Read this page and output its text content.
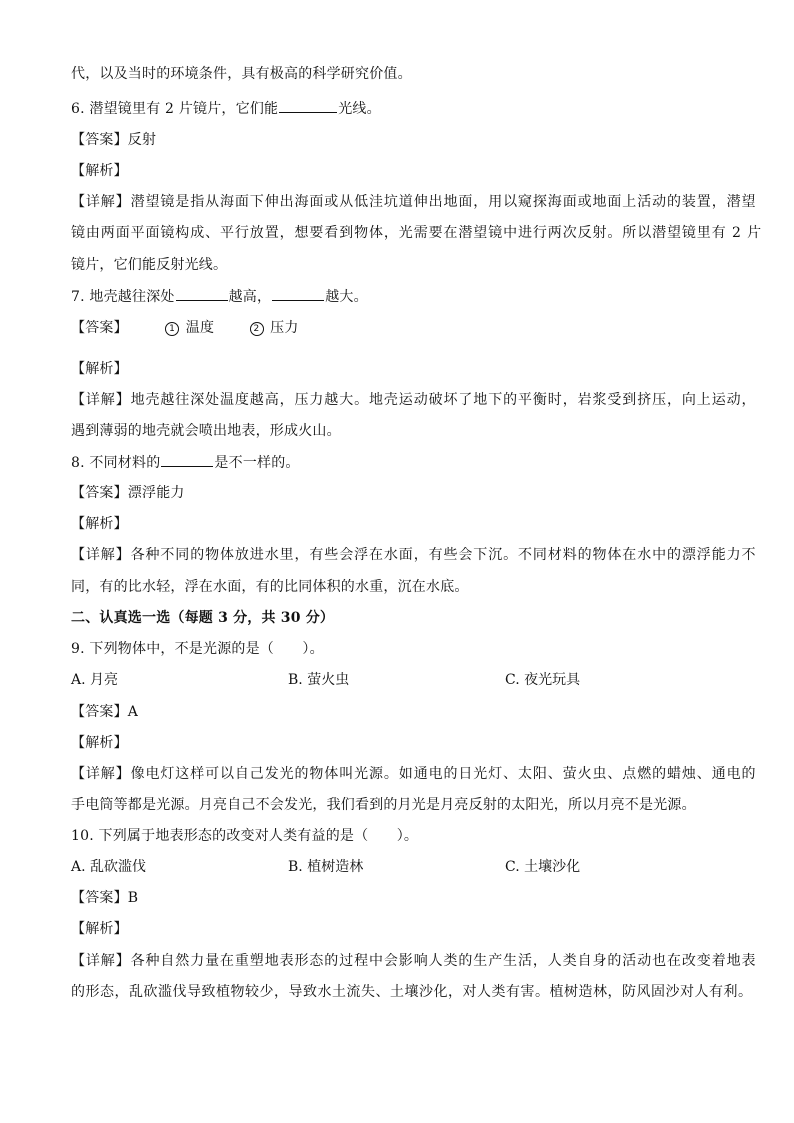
代，以及当时的环境条件，具有极高的科学研究价值。
6. 潜望镜里有 2 片镜片，它们能	光线。
【答案】反射
【解析】
【详解】潜望镜是指从海面下伸出海面或从低洼坑道伸出地面，用以窥探海面或地面上活动的装置，潜望
镜由两面平面镜构成、平行放置，想要看到物体，光需要在潜望镜中进行两次反射。所以潜望镜里有 2 片
镜片，它们能反射光线。
7. 地壳越往深处	越高，	越大。
【答案】	1 温度	2 压力
【解析】
【详解】地壳越往深处温度越高，压力越大。地壳运动破坏了地下的平衡时，岩浆受到挤压，向上运动，
遇到薄弱的地壳就会喷出地表，形成火山。
8. 不同材料的	是不一样的。
【答案】漂浮能力
【解析】
【详解】各种不同的物体放进水里，有些会浮在水面，有些会下沉。不同材料的物体在水中的漂浮能力不
同，有的比水轻，浮在水面，有的比同体积的水重，沉在水底。
二、认真选一选（每题 3 分，共 30 分）
9. 下列物体中，不是光源的是（　　）。
A. 月亮	B. 萤火虫	C. 夜光玩具
【答案】A
【解析】
【详解】像电灯这样可以自己发光的物体叫光源。如通电的日光灯、太阳、萤火虫、点燃的蜡烛、通电的
手电筒等都是光源。月亮自己不会发光，我们看到的月光是月亮反射的太阳光，所以月亮不是光源。
10. 下列属于地表形态的改变对人类有益的是（　　）。
A. 乱砍滥伐	B. 植树造林	C. 土壤沙化
【答案】B
【解析】
【详解】各种自然力量在重塑地表形态的过程中会影响人类的生产生活，人类自身的活动也在改变着地表
的形态，乱砍滥伐导致植物较少，导致水土流失、土壤沙化，对人类有害。植树造林，防风固沙对人有利。
